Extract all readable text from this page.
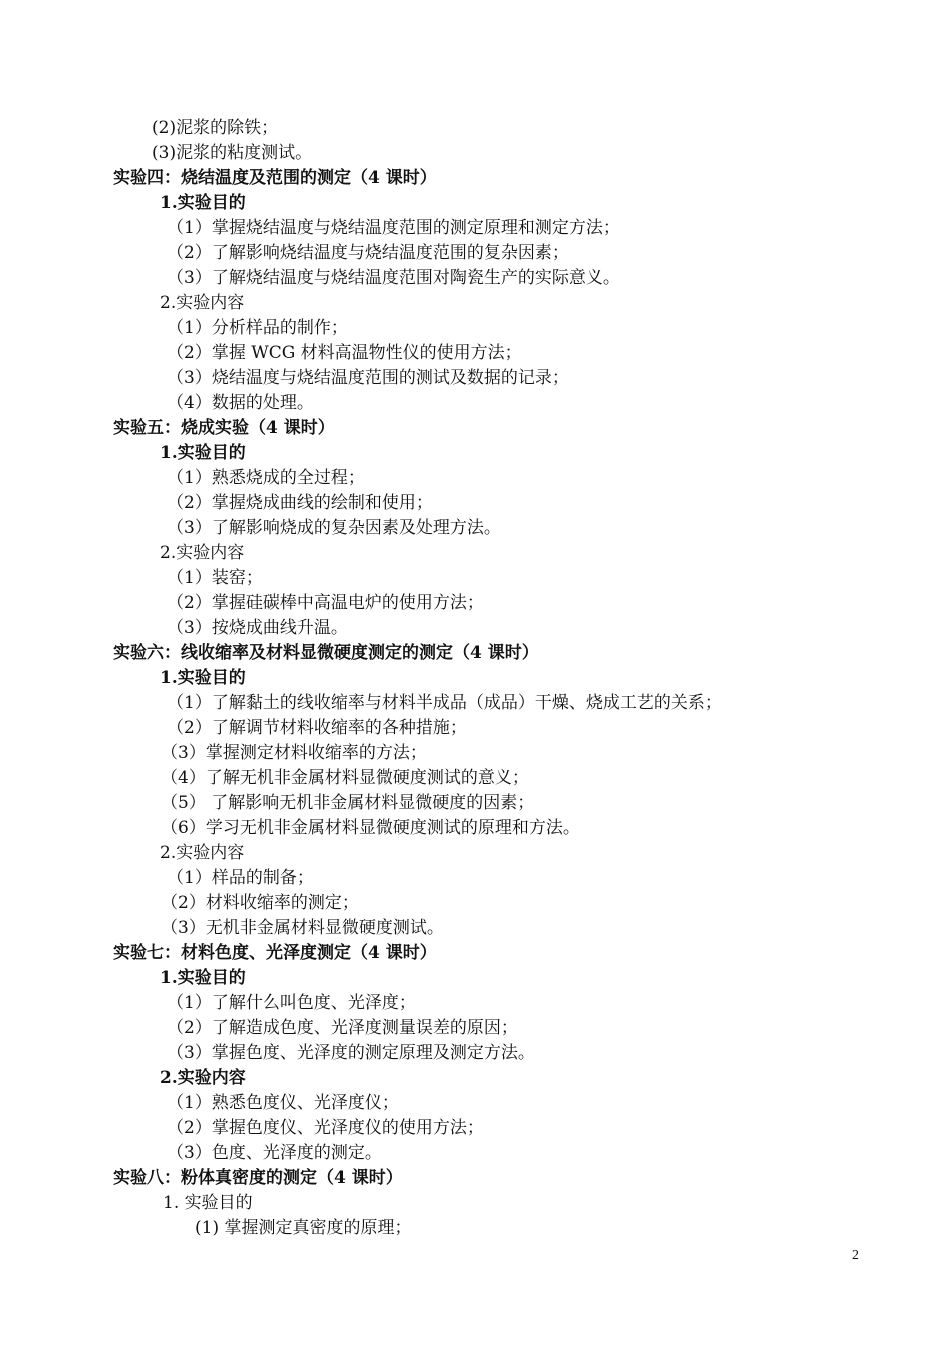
(2)泥浆的除铁；
(3)泥浆的粘度测试。
实验四：烧结温度及范围的测定（4 课时）
1.实验目的
（1）掌握烧结温度与烧结温度范围的测定原理和测定方法；
（2）了解影响烧结温度与烧结温度范围的复杂因素；
（3）了解烧结温度与烧结温度范围对陶瓷生产的实际意义。
2.实验内容
（1）分析样品的制作；
（2）掌握 WCG 材料高温物性仪的使用方法；
（3）烧结温度与烧结温度范围的测试及数据的记录；
（4）数据的处理。
实验五：烧成实验（4 课时）
1.实验目的
（1）熟悉烧成的全过程；
（2）掌握烧成曲线的绘制和使用；
（3）了解影响烧成的复杂因素及处理方法。
2.实验内容
（1）装窑；
（2）掌握硅碳棒中高温电炉的使用方法；
（3）按烧成曲线升温。
实验六：线收缩率及材料显微硬度测定的测定（4 课时）
1.实验目的
（1）了解黏土的线收缩率与材料半成品（成品）干燥、烧成工艺的关系；
（2）了解调节材料收缩率的各种措施；
（3）掌握测定材料收缩率的方法；
（4）了解无机非金属材料显微硬度测试的意义；
（5） 了解影响无机非金属材料显微硬度的因素；
（6）学习无机非金属材料显微硬度测试的原理和方法。
2.实验内容
（1）样品的制备；
（2）材料收缩率的测定；
（3）无机非金属材料显微硬度测试。
实验七：材料色度、光泽度测定（4 课时）
1.实验目的
（1）了解什么叫色度、光泽度；
（2）了解造成色度、光泽度测量误差的原因；
（3）掌握色度、光泽度的测定原理及测定方法。
2.实验内容
（1）熟悉色度仪、光泽度仪；
（2）掌握色度仪、光泽度仪的使用方法；
（3）色度、光泽度的测定。
实验八：粉体真密度的测定（4 课时）
1. 实验目的
(1) 掌握测定真密度的原理；
2
